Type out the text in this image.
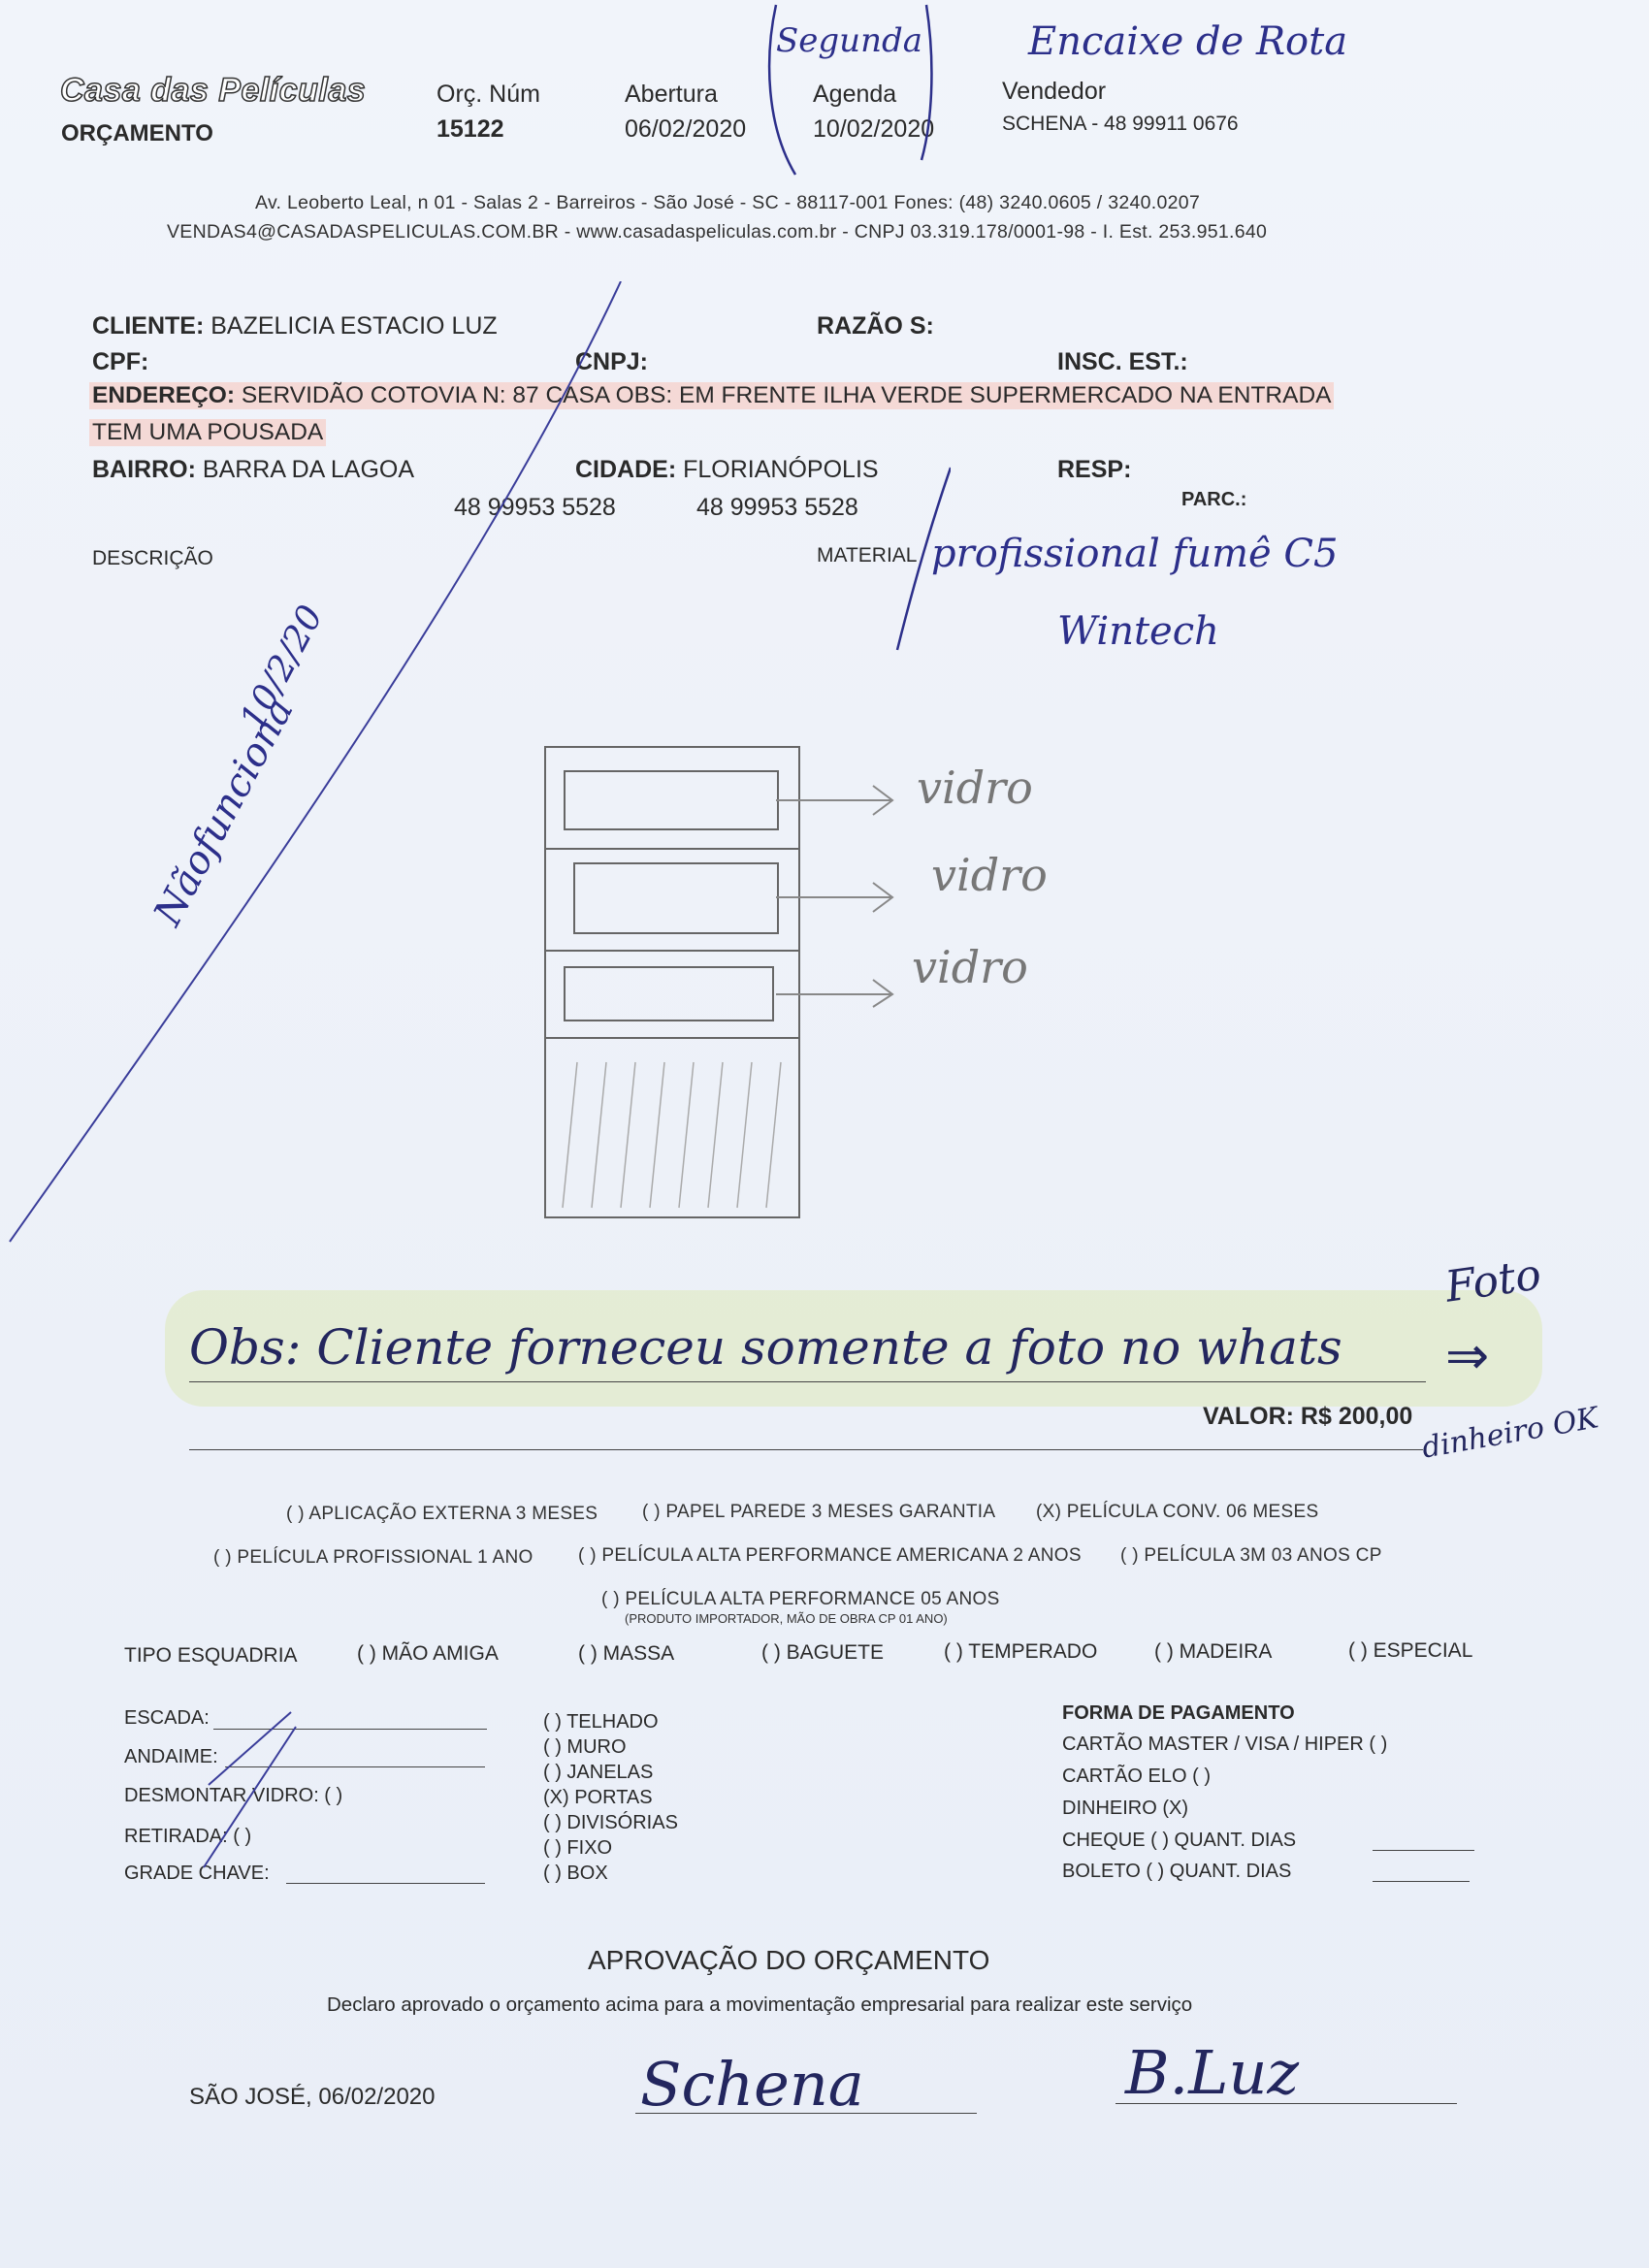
Casa das Películas
ORÇAMENTO
Orç. Núm
15122
Abertura
06/02/2020
Agenda
10/02/2020
Vendedor
SCHENA - 48 99911 0676
Segunda	Encaixe de Rota
Av. Leoberto Leal, n 01 - Salas 2 - Barreiros - São José - SC - 88117-001 Fones: (48) 3240.0605 / 3240.0207
VENDAS4@CASADASPELICULAS.COM.BR - www.casadaspeliculas.com.br - CNPJ 03.319.178/0001-98 - I. Est. 253.951.640
CLIENTE: BAZELICIA ESTACIO LUZ	RAZÃO S:
CPF:	CNPJ:	INSC. EST.:
ENDEREÇO: SERVIDÃO COTOVIA N: 87 CASA OBS: EM FRENTE ILHA VERDE SUPERMERCADO NA ENTRADA
TEM UMA POUSADA
BAIRRO: BARRA DA LAGOA	CIDADE: FLORIANÓPOLIS	RESP:
48 99953 5528	48 99953 5528	PARC.:
DESCRIÇÃO	MATERIAL profissional fumê C5
Wintech
10/2/20
Nãofunciona	vidro
vidro
vidro
Obs: Cliente forneceu somente a foto no whats
Foto
⇒
VALOR: R$ 200,00 dinheiro OK
( ) APLICAÇÃO EXTERNA 3 MESES ( ) PAPEL PAREDE 3 MESES GARANTIA (X) PELÍCULA CONV. 06 MESES
( ) PELÍCULA PROFISSIONAL 1 ANO ( ) PELÍCULA ALTA PERFORMANCE AMERICANA 2 ANOS ( ) PELÍCULA 3M 03 ANOS CP
( ) PELÍCULA ALTA PERFORMANCE 05 ANOS
(PRODUTO IMPORTADOR, MÃO DE OBRA CP 01 ANO)
TIPO ESQUADRIA	( ) MÃO AMIGA	( ) MASSA	( ) BAGUETE	( ) TEMPERADO	( ) MADEIRA	( ) ESPECIAL
ESCADA:
ANDAIME:
DESMONTAR VIDRO: ( )
RETIRADA: ( )
GRADE CHAVE:
( ) TELHADO
( ) MURO
( ) JANELAS
(X) PORTAS
( ) DIVISÓRIAS
( ) FIXO
( ) BOX
FORMA DE PAGAMENTO
CARTÃO MASTER / VISA / HIPER ( )
CARTÃO ELO ( )
DINHEIRO (X)
CHEQUE ( ) QUANT. DIAS
BOLETO ( ) QUANT. DIAS
APROVAÇÃO DO ORÇAMENTO
Declaro aprovado o orçamento acima para a movimentação empresarial para realizar este serviço
SÃO JOSÉ, 06/02/2020	Schena	B.Luz
